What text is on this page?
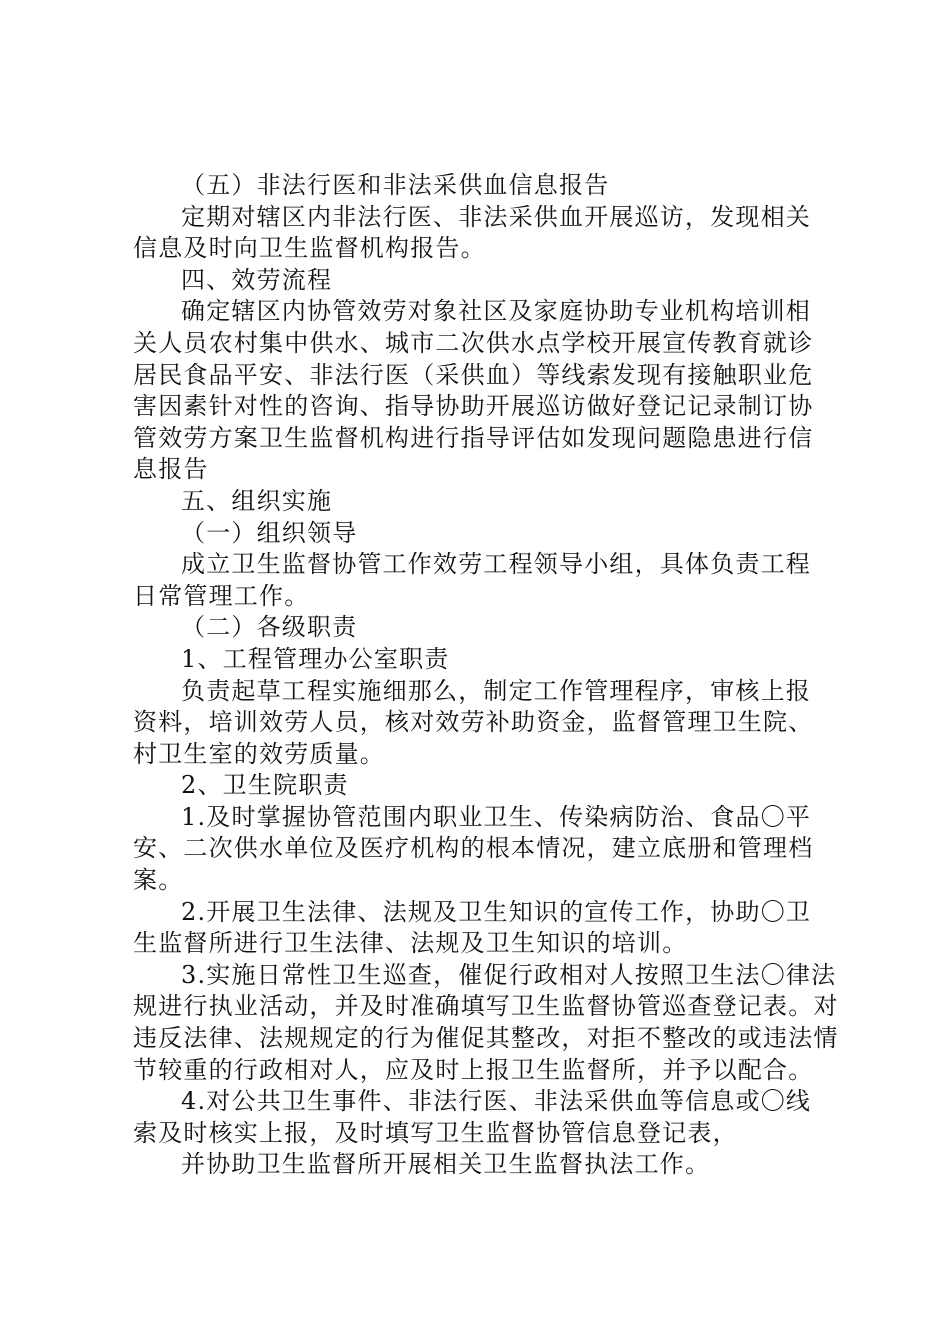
（五）非法行医和非法采供血信息报告

定期对辖区内非法行医、非法采供血开展巡访，发现相关信息及时向卫生监督机构报告。

四、效劳流程

确定辖区内协管效劳对象社区及家庭协助专业机构培训相关人员农村集中供水、城市二次供水点学校开展宣传教育就诊居民食品平安、非法行医（采供血）等线索发现有接触职业危害因素针对性的咨询、指导协助开展巡访做好登记记录制订协管效劳方案卫生监督机构进行指导评估如发现问题隐患进行信息报告

五、组织实施

（一）组织领导

成立卫生监督协管工作效劳工程领导小组，具体负责工程日常管理工作。

（二）各级职责

1、工程管理办公室职责

负责起草工程实施细那么，制定工作管理程序，审核上报资料，培训效劳人员，核对效劳补助资金，监督管理卫生院、村卫生室的效劳质量。

2、卫生院职责

1.及时掌握协管范围内职业卫生、传染病防治、食品〇平安、二次供水单位及医疗机构的根本情况，建立底册和管理档案。

2.开展卫生法律、法规及卫生知识的宣传工作，协助〇卫生监督所进行卫生法律、法规及卫生知识的培训。

3.实施日常性卫生巡查，催促行政相对人按照卫生法〇律法规进行执业活动，并及时准确填写卫生监督协管巡查登记表。对违反法律、法规规定的行为催促其整改，对拒不整改的或违法情节较重的行政相对人，应及时上报卫生监督所，并予以配合。

4.对公共卫生事件、非法行医、非法采供血等信息或〇线索及时核实上报，及时填写卫生监督协管信息登记表，

并协助卫生监督所开展相关卫生监督执法工作。
